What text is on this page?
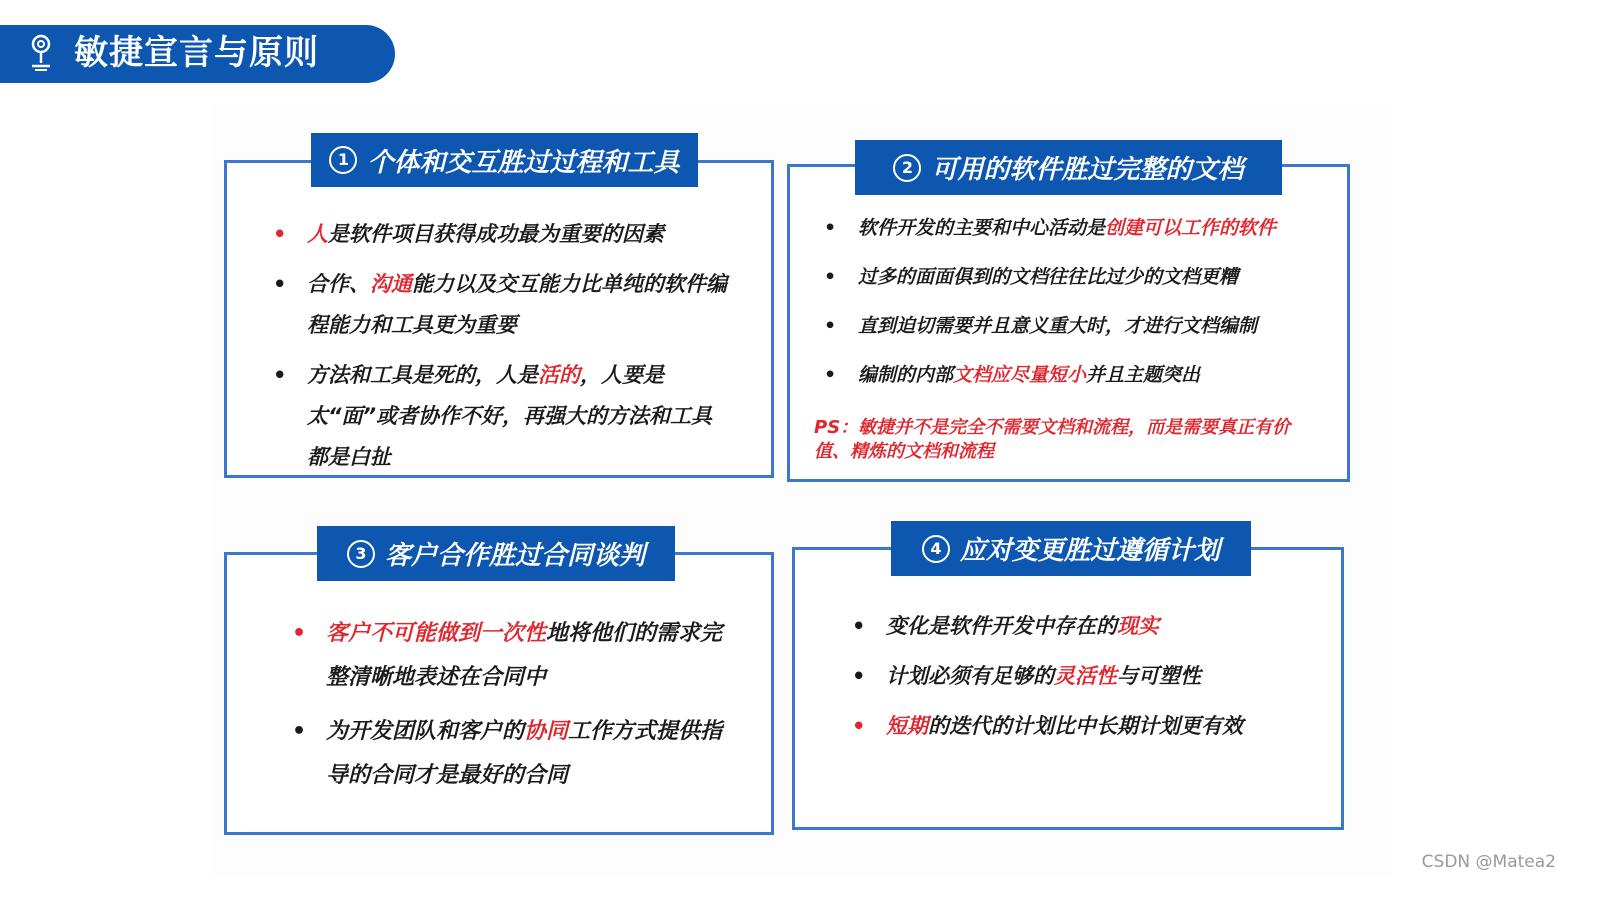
敏捷宣言与原则
1 个体和交互胜过过程和工具
• 人是软件项目获得成功最为重要的因素
• 合作、沟通能力以及交互能力比单纯的软件编程能力和工具更为重要
• 方法和工具是死的，人是活的，人要是太“面”或者协作不好，再强大的方法和工具都是白扯
2 可用的软件胜过完整的文档
• 软件开发的主要和中心活动是创建可以工作的软件
• 过多的面面俱到的文档往往比过少的文档更糟
• 直到迫切需要并且意义重大时，才进行文档编制
• 编制的内部文档应尽量短小并且主题突出
PS：敏捷并不是完全不需要文档和流程，而是需要真正有价值、精炼的文档和流程
3 客户合作胜过合同谈判
• 客户不可能做到一次性地将他们的需求完整清晰地表述在合同中
• 为开发团队和客户的协同工作方式提供指导的合同才是最好的合同
4 应对变更胜过遵循计划
• 变化是软件开发中存在的现实
• 计划必须有足够的灵活性与可塑性
• 短期的迭代的计划比中长期计划更有效
CSDN @Matea2
